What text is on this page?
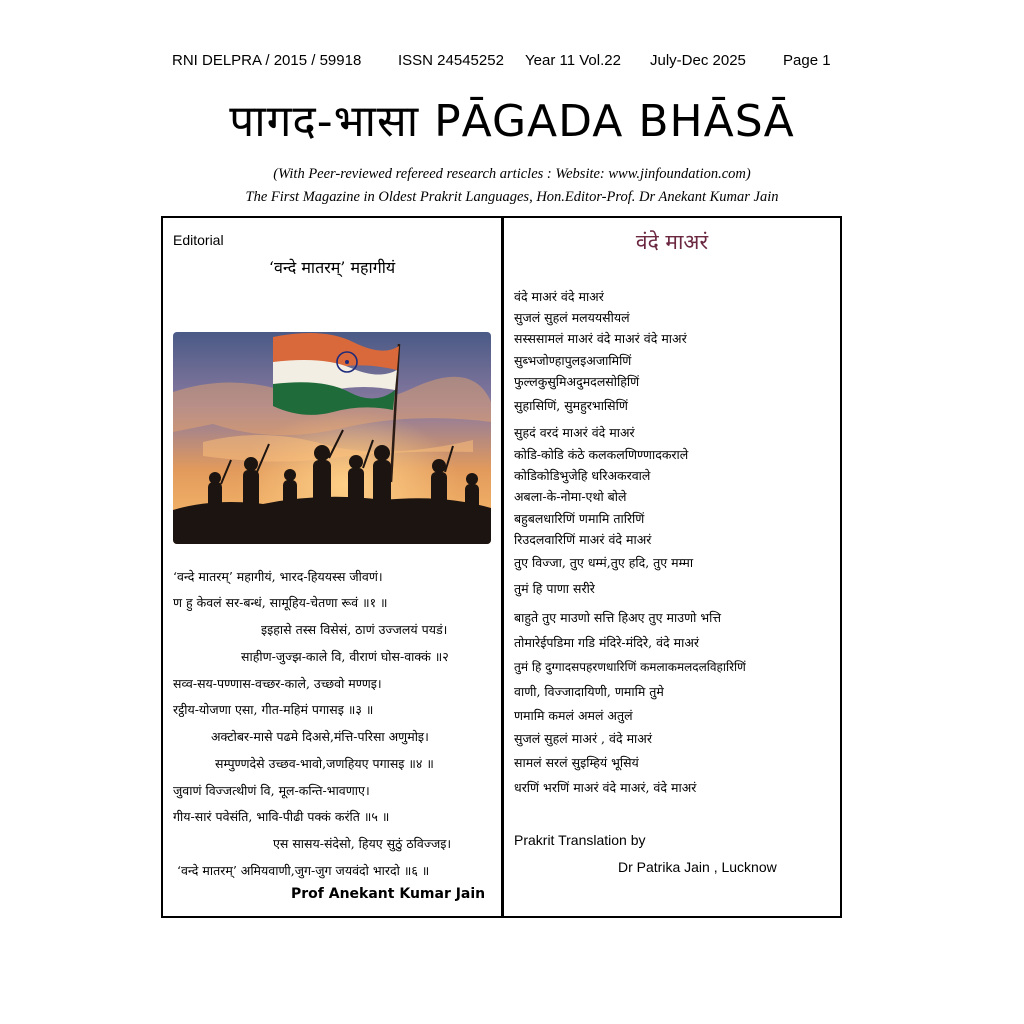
RNI DELPRA / 2015 / 59918 ISSN 24545252 Year 11 Vol.22 July-Dec 2025 Page 1
पागद-भासा PĀGADA BHĀSĀ
(With Peer-reviewed refereed research articles : Website: www.jinfoundation.com)
The First Magazine in Oldest Prakrit Languages, Hon.Editor-Prof. Dr Anekant Kumar Jain
Editorial
‘वन्दे मातरम्’ महागीयं
‘वन्दे मातरम्’ महागीयं, भारद-हिययस्स जीवणं।
ण हु केवलं सर-बन्धं, सामूहिय-चेतणा रूवं ॥१ ॥
इइहासे तस्स विसेसं, ठाणं उज्जलयं पयडं।
साहीण-जुज्झ-काले वि, वीराणं घोस-वाक्कं ॥२
सव्व-सय-पण्णास-वच्छर-काले, उच्छवो मण्णइ।
रट्ठीय-योजणा एसा, गीत-महिमं पगासइ ॥३ ॥
अक्टोबर-मासे पढमे दिअसे,मंत्ति-परिसा अणुमोइ।
सम्पुण्णदेसे उच्छव-भावो,जणहियए पगासइ ॥४ ॥
जुवाणं विज्जत्थीणं वि, मूल-कन्ति-भावणाए।
गीय-सारं पवेसंति, भावि-पीढी पक्कं करंति ॥५ ॥
एस सासय-संदेसो, हियए सुठुं ठविज्जइ।
‘वन्दे मातरम्’ अमियवाणी,जुग-जुग जयवंदो भारदो ॥६ ॥
Prof Anekant Kumar Jain
वंदे माअरं
वंदे माअरं वंदे माअरं
सुजलं सुहलं मलययसीयलं
सस्ससामलं माअरं वंदे माअरं वंदे माअरं
सुब्भजोण्हापुलइअजामिणिं
फुल्लकुसुमिअदुमदलसोहिणिं
सुहासिणिं, सुमहुरभासिणिं
सुहदं वरदं माअरं वंदे माअरं
कोडि-कोडि कंठे कलकलणिण्णादकराले
कोडिकोडिभुजेहि धरिअकरवाले
अबला-के-नोमा-एथो बोले
बहुबलधारिणिं णमामि तारिणिं
रिउदलवारिणिं माअरं वंदे माअरं
तुए विज्जा, तुए धम्मं,तुए हदि, तुए मम्मा
तुमं हि पाणा सरीरे
बाहुते तुए माउणो सत्ति हिअए तुए माउणो भत्ति
तोमारेईपडिमा गडि मंदिरे-मंदिरे, वंदे माअरं
तुमं हि दुग्गादसपहरणधारिणिं कमलाकमलदलविहारिणिं
वाणी, विज्जादायिणी, णमामि तुमे
णमामि कमलं अमलं अतुलं
सुजलं सुहलं माअरं , वंदे माअरं
सामलं सरलं सुइम्हियं भूसियं
धरणिं भरणिं माअरं वंदे माअरं, वंदे माअरं
Prakrit Translation by
Dr Patrika Jain , Lucknow
